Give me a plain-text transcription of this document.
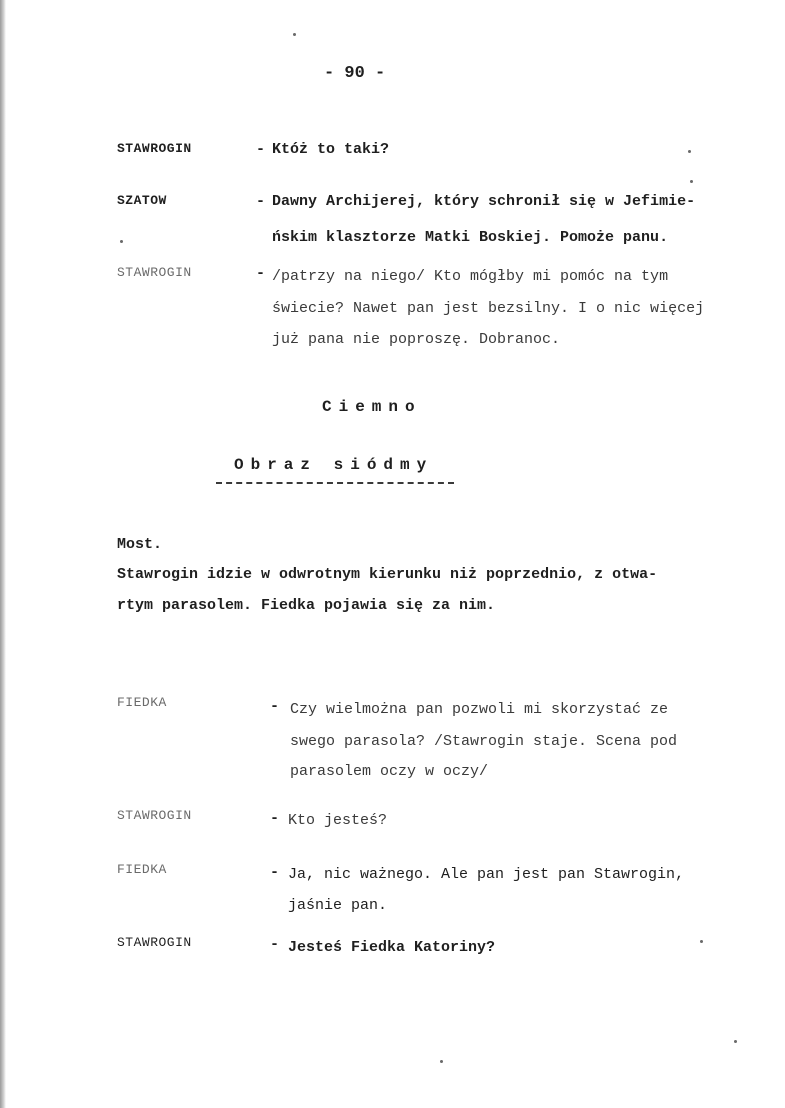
- 90 -
STAWROGIN	- Któż to taki?
SZATOW	- Dawny Archijerej, który schronił się w Jefimie-
ńskim klasztorze Matki Boskiej. Pomoże panu.
STAWROGIN	- /patrzy na niego/ Kto mógłby mi pomóc na tym
świecie? Nawet pan jest bezsilny. I o nic więcej
już pana nie poproszę. Dobranoc.
Ciemno
Obraz siódmy
Most.
Stawrogin idzie w odwrotnym kierunku niż poprzednio, z otwa-
rtym parasolem. Fiedka pojawia się za nim.
FIEDKA	- Czy wielmożna pan pozwoli mi skorzystać ze
swego parasola? /Stawrogin staje. Scena pod
parasolem oczy w oczy/
STAWROGIN	- Kto jesteś?
FIEDKA	- Ja, nic ważnego. Ale pan jest pan Stawrogin,
jaśnie pan.
STAWROGIN	- Jesteś Fiedka Katoriny?
